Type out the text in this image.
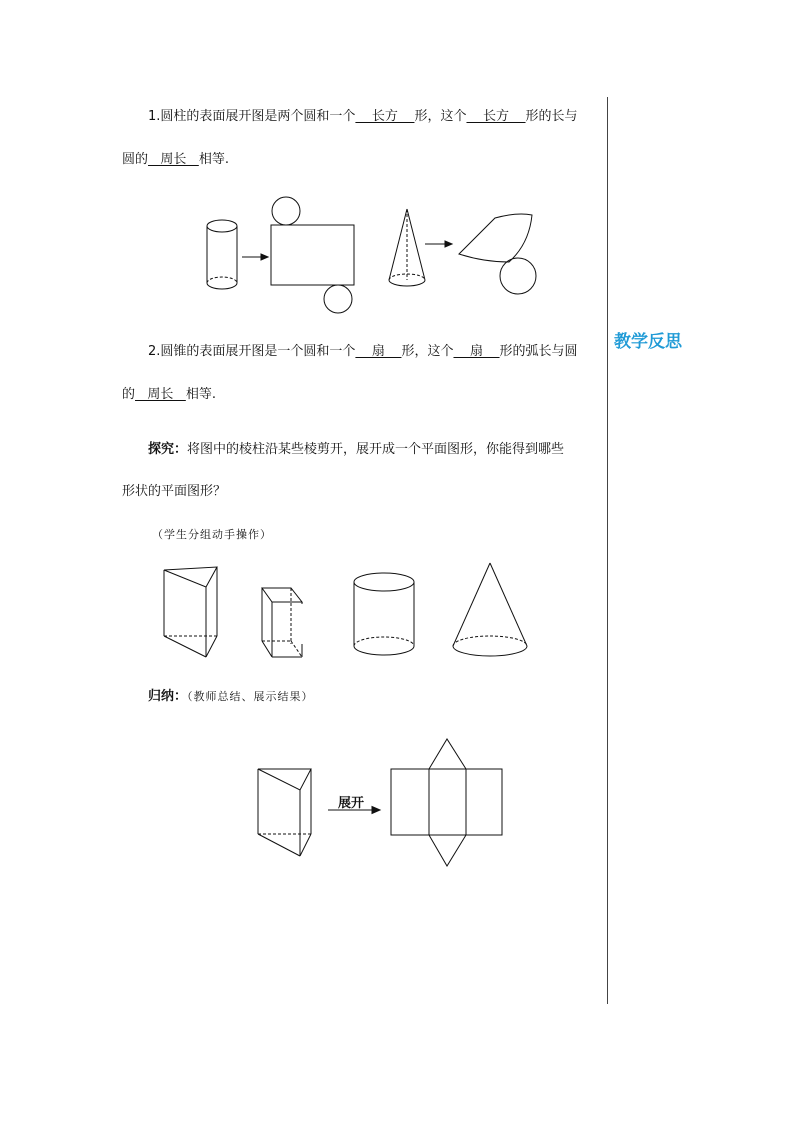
教学反思
1.圆柱的表面展开图是两个圆和一个    长方    形，这个    长方    形的长与
圆的   周长   相等.
2.圆锥的表面展开图是一个圆和一个    扇    形，这个    扇    形的弧长与圆
的   周长   相等.
探究：将图中的棱柱沿某些棱剪开，展开成一个平面图形，你能得到哪些
形状的平面图形？
（学生分组动手操作）
归纳：（教师总结、展示结果）
展开
